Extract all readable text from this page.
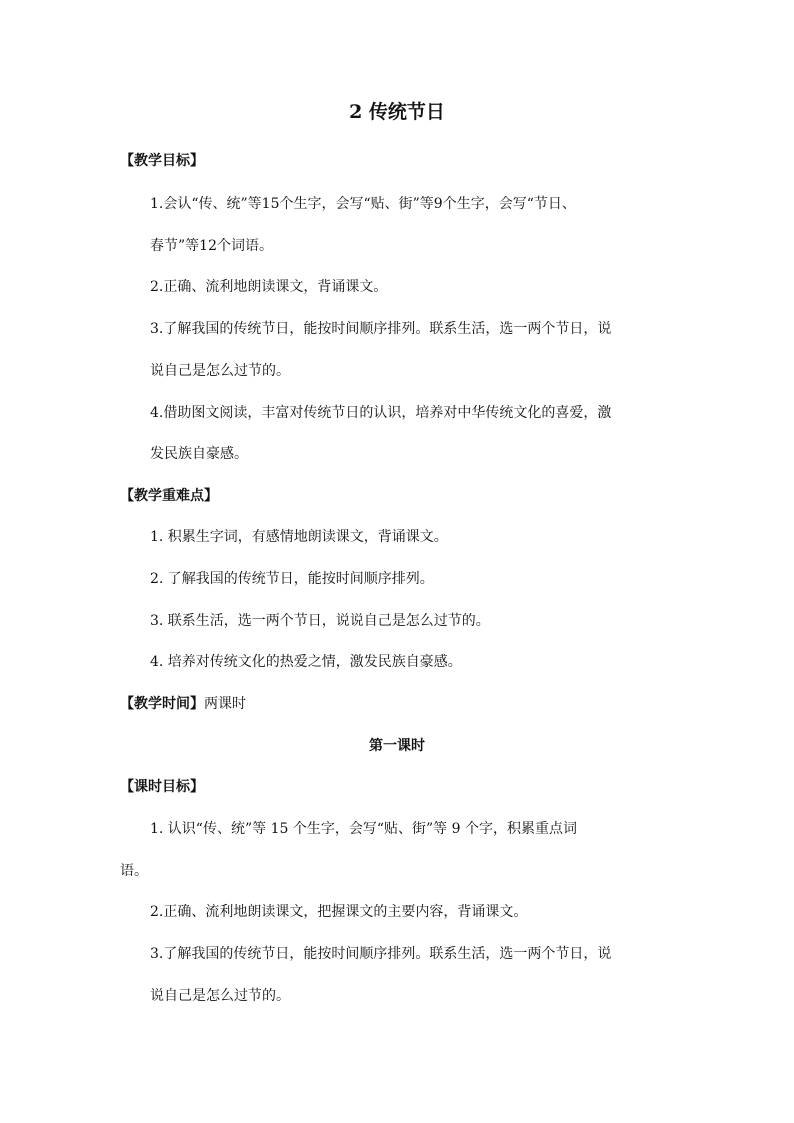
2 传统节日
【教学目标】
1.会认“传、统”等15个生字，会写“贴、街”等9个生字，会写“节日、
春节”等12个词语。
2.正确、流利地朗读课文，背诵课文。
3.了解我国的传统节日，能按时间顺序排列。联系生活，选一两个节日，说
说自己是怎么过节的。
4.借助图文阅读，丰富对传统节日的认识，培养对中华传统文化的喜爱，激
发民族自豪感。
【教学重难点】
1. 积累生字词，有感情地朗读课文，背诵课文。
2. 了解我国的传统节日，能按时间顺序排列。
3. 联系生活，选一两个节日，说说自己是怎么过节的。
4. 培养对传统文化的热爱之情，激发民族自豪感。
【教学时间】两课时
第一课时
【课时目标】
1. 认识“传、统”等 15 个生字，会写“贴、街”等 9 个字，积累重点词
语。
2.正确、流利地朗读课文，把握课文的主要内容，背诵课文。
3.了解我国的传统节日，能按时间顺序排列。联系生活，选一两个节日，说
说自己是怎么过节的。
